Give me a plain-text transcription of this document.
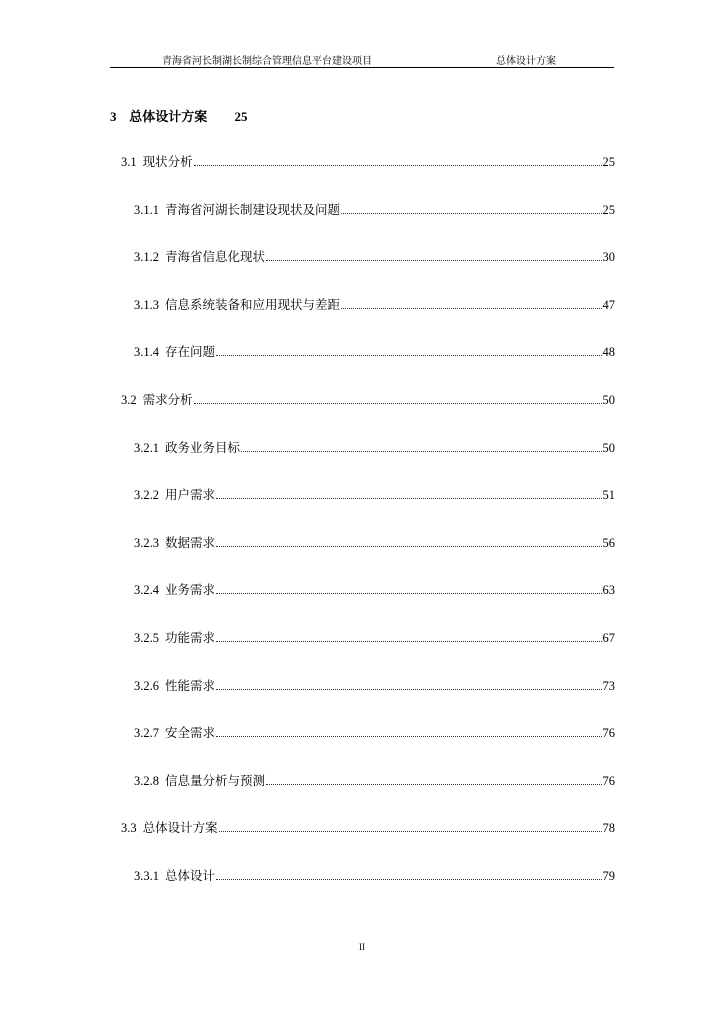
青海省河长制湖长制综合管理信息平台建设项目	总体设计方案
3 总体设计方案 25
3.1 现状分析	25
3.1.1 青海省河湖长制建设现状及问题	25
3.1.2 青海省信息化现状	30
3.1.3 信息系统装备和应用现状与差距	47
3.1.4 存在问题	48
3.2 需求分析	50
3.2.1 政务业务目标	50
3.2.2 用户需求	51
3.2.3 数据需求	56
3.2.4 业务需求	63
3.2.5 功能需求	67
3.2.6 性能需求	73
3.2.7 安全需求	76
3.2.8 信息量分析与预测	76
3.3 总体设计方案	78
3.3.1 总体设计	79
II
